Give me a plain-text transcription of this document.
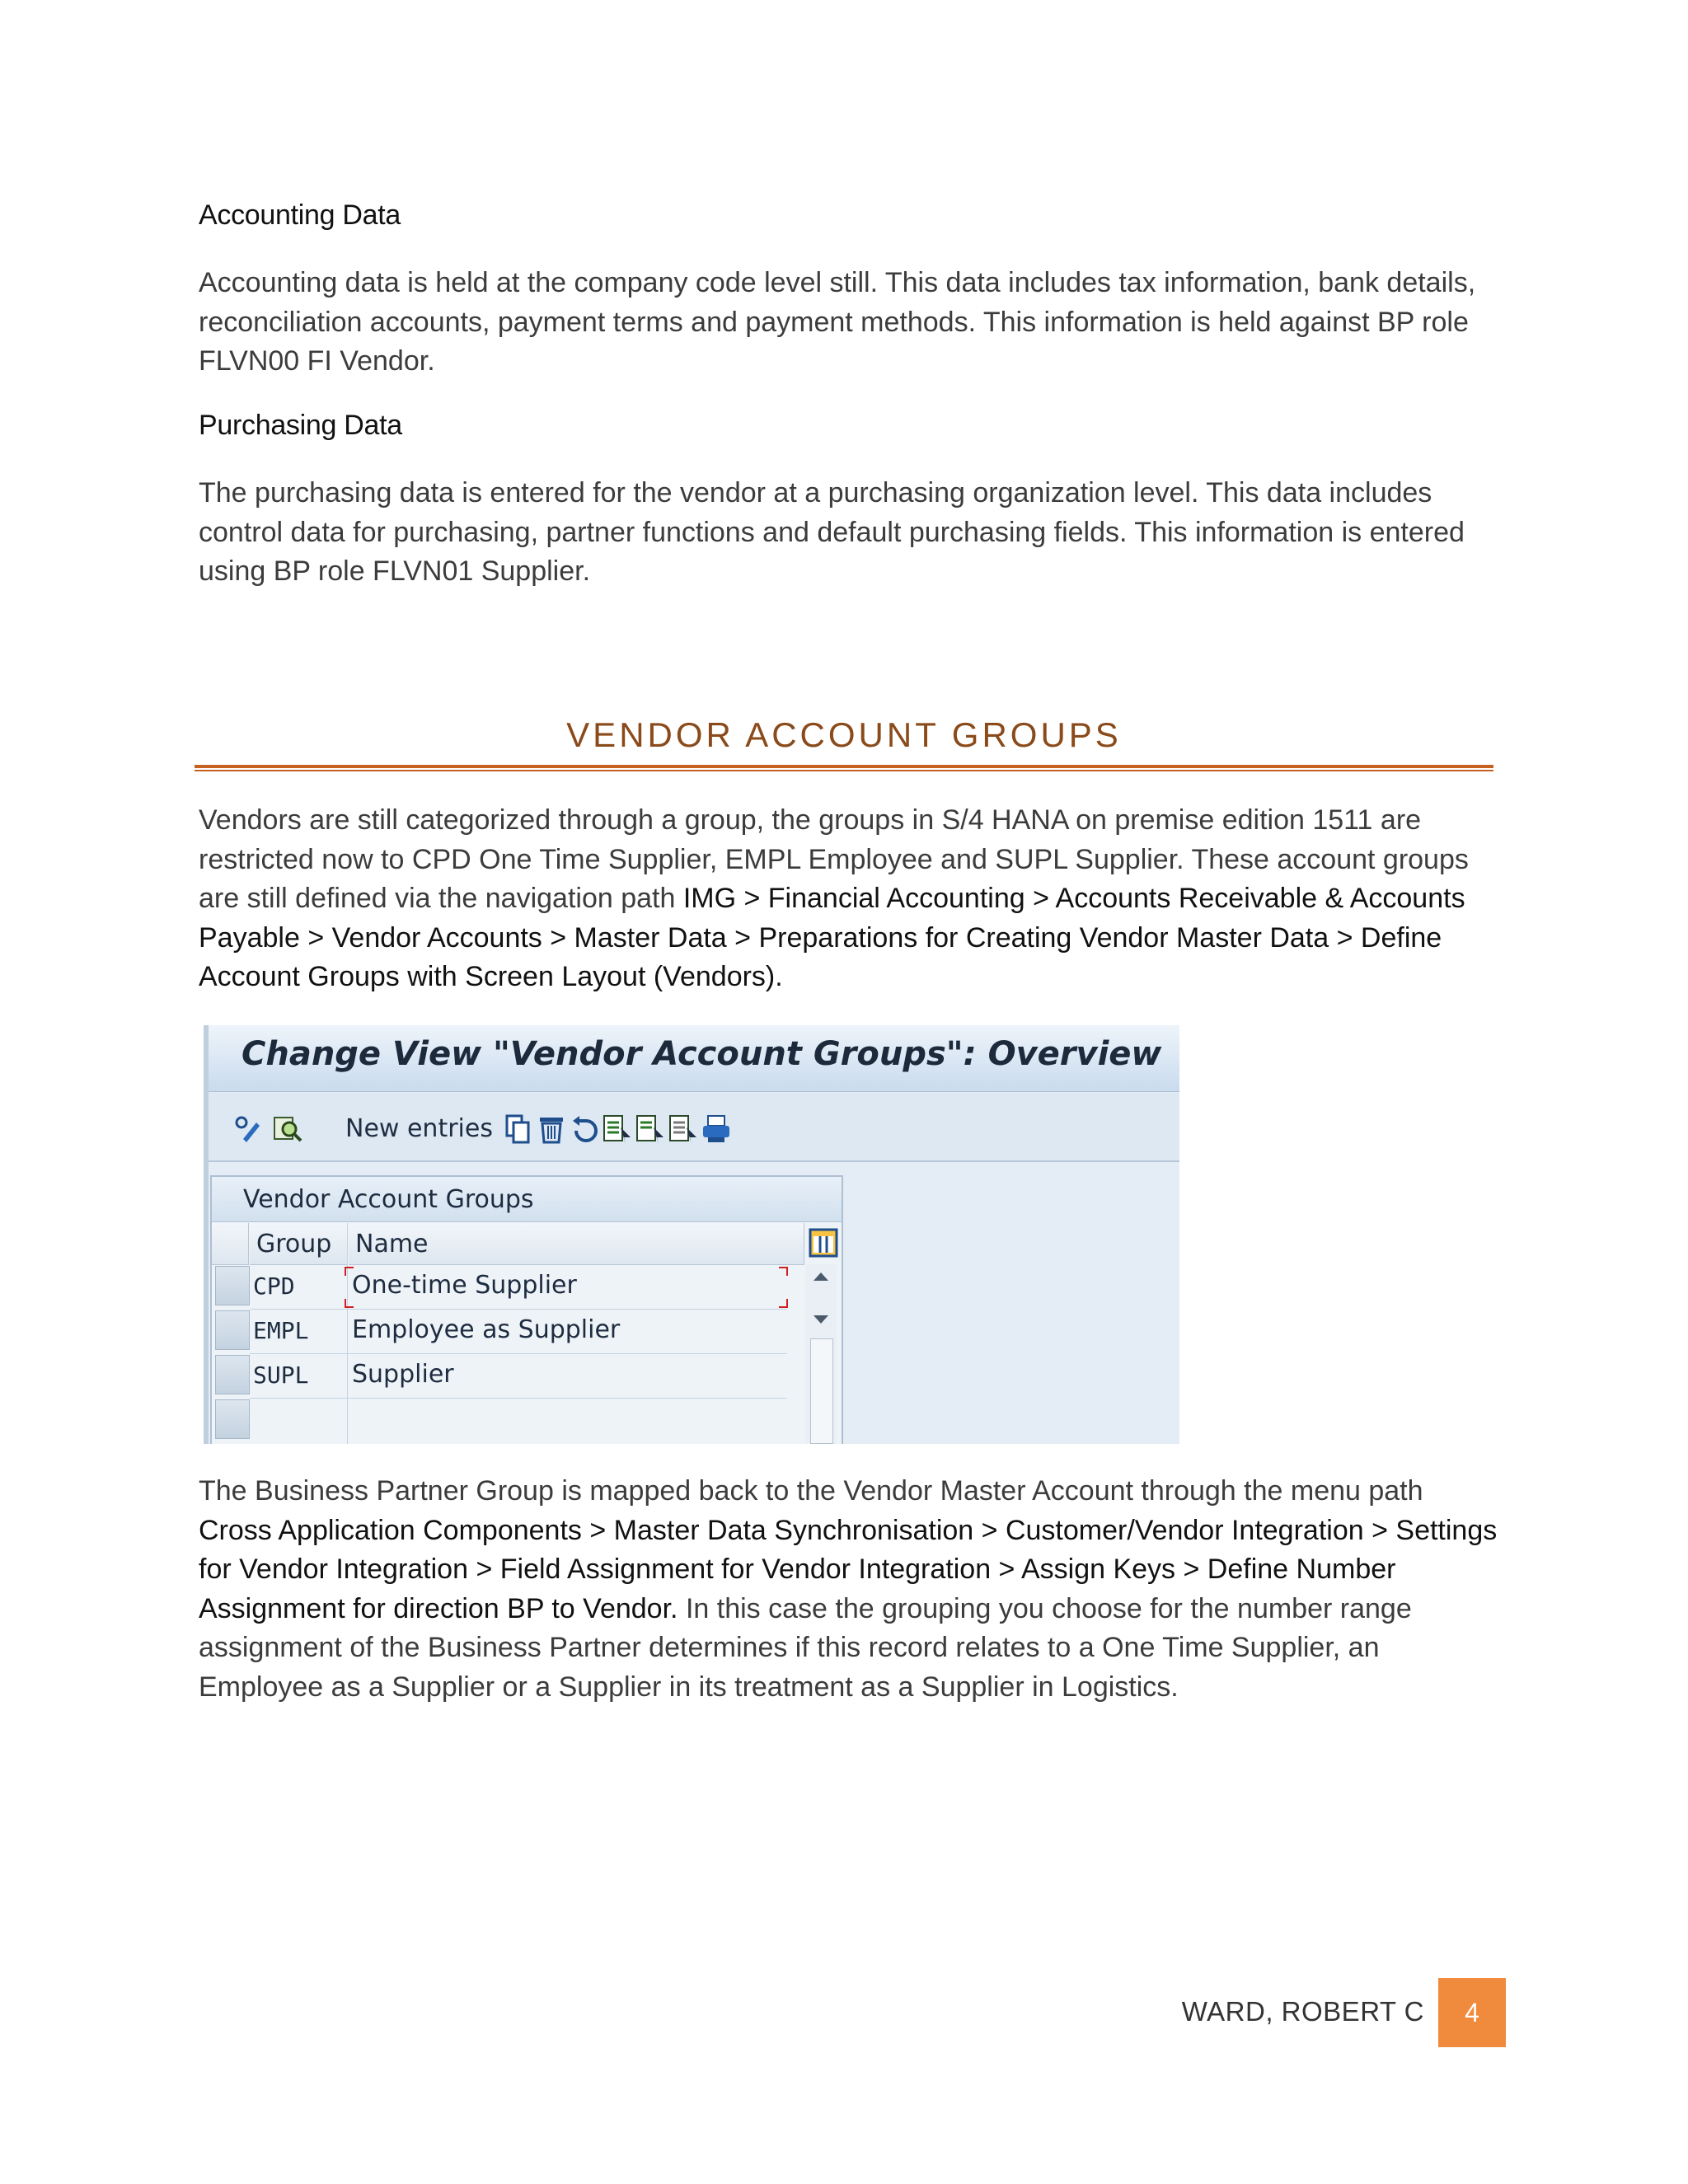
Accounting Data

Accounting data is held at the company code level still. This data includes tax information, bank details, reconciliation accounts, payment terms and payment methods. This information is held against BP role FLVN00 FI Vendor.

Purchasing Data

The purchasing data is entered for the vendor at a purchasing organization level. This data includes control data for purchasing, partner functions and default purchasing fields. This information is entered using BP role FLVN01 Supplier.

VENDOR ACCOUNT GROUPS

Vendors are still categorized through a group, the groups in S/4 HANA on premise edition 1511 are restricted now to CPD One Time Supplier, EMPL Employee and SUPL Supplier. These account groups are still defined via the navigation path IMG > Financial Accounting > Accounts Receivable & Accounts Payable > Vendor Accounts > Master Data > Preparations for Creating Vendor Master Data > Define Account Groups with Screen Layout (Vendors).

Change View "Vendor Account Groups": Overview
New entries
Vendor Account Groups
Group Name
CPD One-time Supplier
EMPL Employee as Supplier
SUPL Supplier

The Business Partner Group is mapped back to the Vendor Master Account through the menu path Cross Application Components > Master Data Synchronisation > Customer/Vendor Integration > Settings for Vendor Integration > Field Assignment for Vendor Integration > Assign Keys > Define Number Assignment for direction BP to Vendor. In this case the grouping you choose for the number range assignment of the Business Partner determines if this record relates to a One Time Supplier, an Employee as a Supplier or a Supplier in its treatment as a Supplier in Logistics.

WARD, ROBERT C 4
